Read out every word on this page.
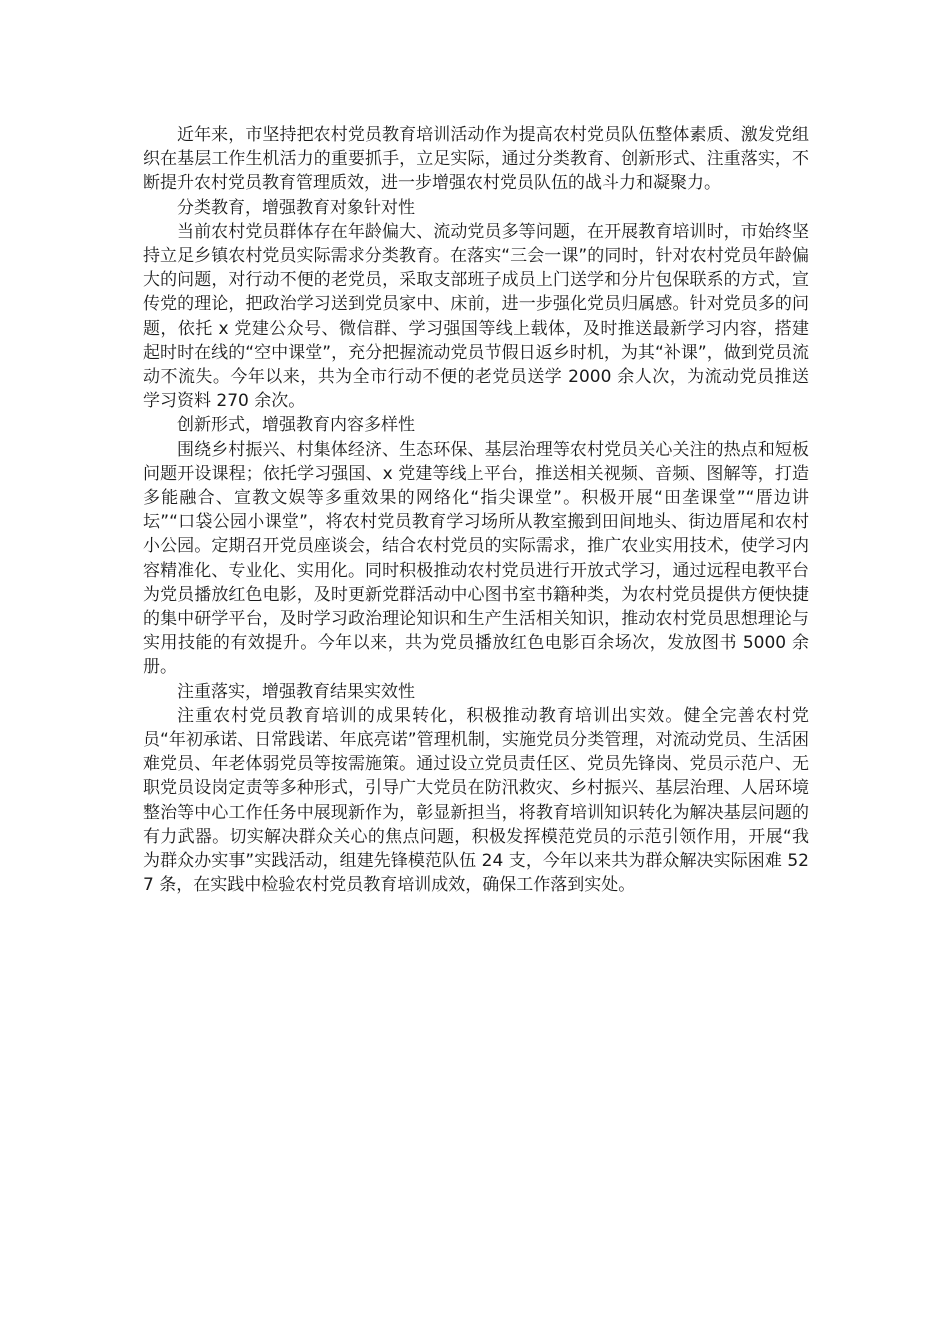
近年来，市坚持把农村党员教育培训活动作为提高农村党员队伍整体素质、激发党组织在基层工作生机活力的重要抓手，立足实际，通过分类教育、创新形式、注重落实，不断提升农村党员教育管理质效，进一步增强农村党员队伍的战斗力和凝聚力。

分类教育，增强教育对象针对性

当前农村党员群体存在年龄偏大、流动党员多等问题，在开展教育培训时，市始终坚持立足乡镇农村党员实际需求分类教育。在落实“三会一课”的同时，针对农村党员年龄偏大的问题，对行动不便的老党员，采取支部班子成员上门送学和分片包保联系的方式，宣传党的理论，把政治学习送到党员家中、床前，进一步强化党员归属感。针对党员多的问题，依托 x 党建公众号、微信群、学习强国等线上载体，及时推送最新学习内容，搭建起时时在线的“空中课堂”，充分把握流动党员节假日返乡时机，为其“补课”，做到党员流动不流失。今年以来，共为全市行动不便的老党员送学 2000 余人次，为流动党员推送学习资料 270 余次。

创新形式，增强教育内容多样性

围绕乡村振兴、村集体经济、生态环保、基层治理等农村党员关心关注的热点和短板问题开设课程；依托学习强国、x 党建等线上平台，推送相关视频、音频、图解等，打造多能融合、宣教文娱等多重效果的网络化“指尖课堂”。积极开展“田垄课堂”“厝边讲坛”“口袋公园小课堂”，将农村党员教育学习场所从教室搬到田间地头、街边厝尾和农村小公园。定期召开党员座谈会，结合农村党员的实际需求，推广农业实用技术，使学习内容精准化、专业化、实用化。同时积极推动农村党员进行开放式学习，通过远程电教平台为党员播放红色电影，及时更新党群活动中心图书室书籍种类，为农村党员提供方便快捷的集中研学平台，及时学习政治理论知识和生产生活相关知识，推动农村党员思想理论与实用技能的有效提升。今年以来，共为党员播放红色电影百余场次，发放图书 5000 余册。

注重落实，增强教育结果实效性

注重农村党员教育培训的成果转化，积极推动教育培训出实效。健全完善农村党员“年初承诺、日常践诺、年底亮诺”管理机制，实施党员分类管理，对流动党员、生活困难党员、年老体弱党员等按需施策。通过设立党员责任区、党员先锋岗、党员示范户、无职党员设岗定责等多种形式，引导广大党员在防汛救灾、乡村振兴、基层治理、人居环境整治等中心工作任务中展现新作为，彰显新担当，将教育培训知识转化为解决基层问题的有力武器。切实解决群众关心的焦点问题，积极发挥模范党员的示范引领作用，开展“我为群众办实事”实践活动，组建先锋模范队伍 24 支，今年以来共为群众解决实际困难 527 条，在实践中检验农村党员教育培训成效，确保工作落到实处。
